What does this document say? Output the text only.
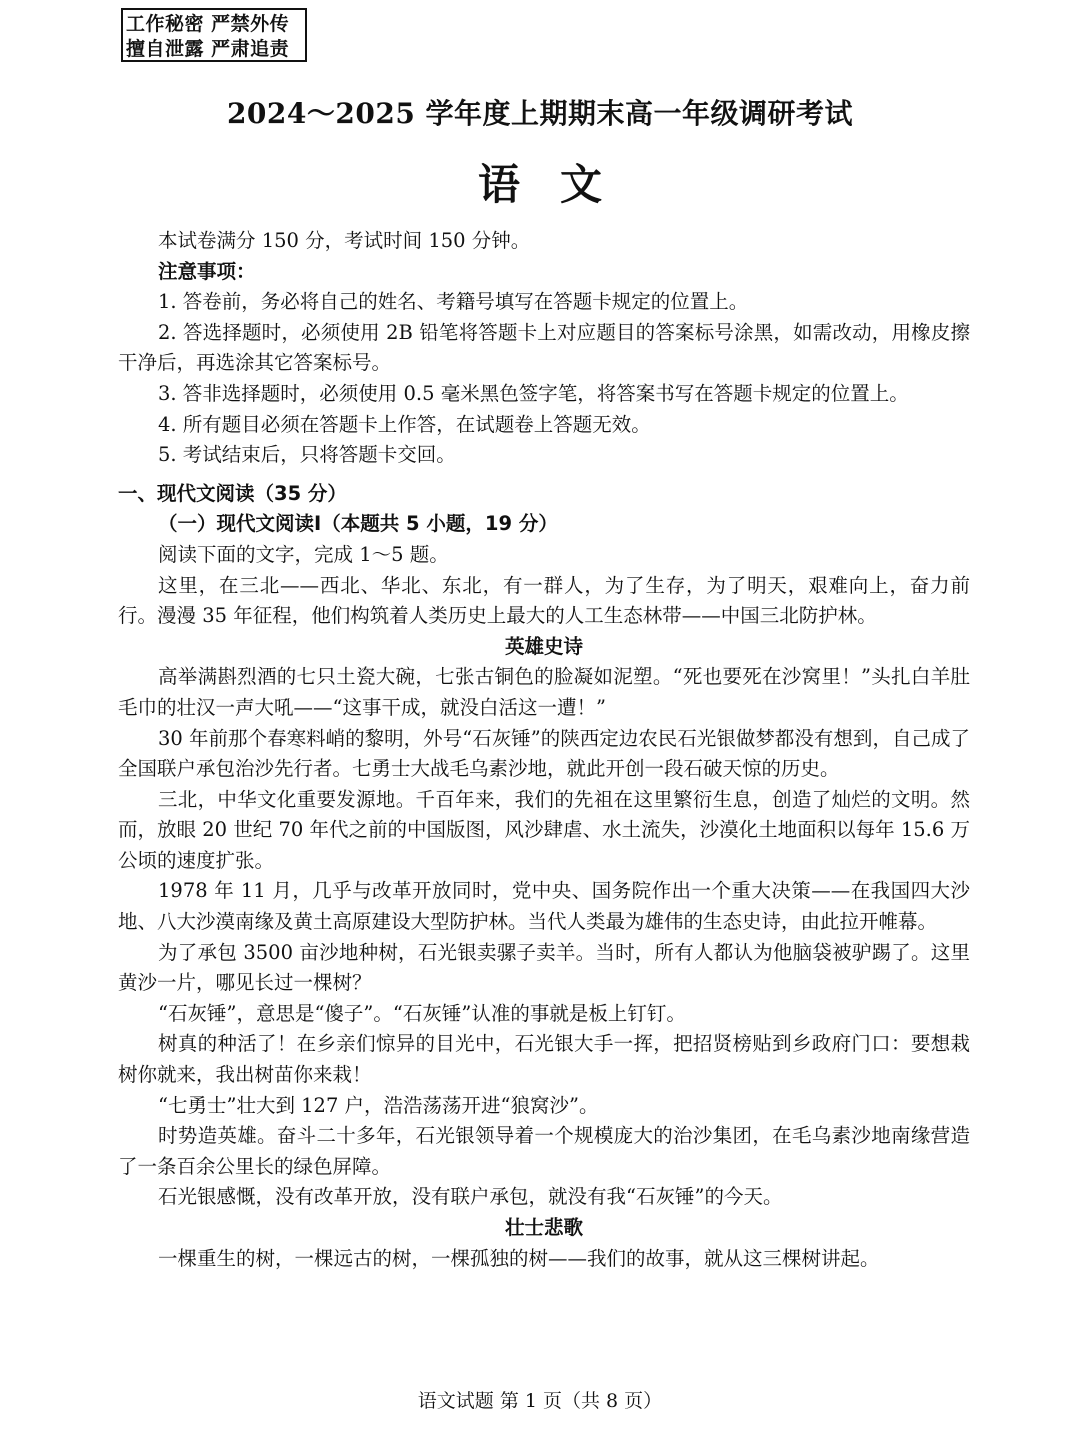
工作秘密 严禁外传
擅自泄露 严肃追责
2024～2025 学年度上期期末高一年级调研考试
语文

本试卷满分 150 分，考试时间 150 分钟。

注意事项：

1. 答卷前，务必将自己的姓名、考籍号填写在答题卡规定的位置上。

2. 答选择题时，必须使用 2B 铅笔将答题卡上对应题目的答案标号涂黑，如需改动，用橡皮擦干净后，再选涂其它答案标号。

3. 答非选择题时，必须使用 0.5 毫米黑色签字笔，将答案书写在答题卡规定的位置上。

4. 所有题目必须在答题卡上作答，在试题卷上答题无效。

5. 考试结束后，只将答题卡交回。

一、现代文阅读（35 分）

（一）现代文阅读Ⅰ（本题共 5 小题，19 分）

阅读下面的文字，完成 1～5 题。

这里，在三北——西北、华北、东北，有一群人，为了生存，为了明天，艰难向上，奋力前行。漫漫 35 年征程，他们构筑着人类历史上最大的人工生态林带——中国三北防护林。

英雄史诗

高举满斟烈酒的七只土瓷大碗，七张古铜色的脸凝如泥塑。“死也要死在沙窝里！”头扎白羊肚毛巾的壮汉一声大吼——“这事干成，就没白活这一遭！”

30 年前那个春寒料峭的黎明，外号“石灰锤”的陕西定边农民石光银做梦都没有想到，自己成了全国联户承包治沙先行者。七勇士大战毛乌素沙地，就此开创一段石破天惊的历史。

三北，中华文化重要发源地。千百年来，我们的先祖在这里繁衍生息，创造了灿烂的文明。然而，放眼 20 世纪 70 年代之前的中国版图，风沙肆虐、水土流失，沙漠化土地面积以每年 15.6 万公顷的速度扩张。

1978 年 11 月，几乎与改革开放同时，党中央、国务院作出一个重大决策——在我国四大沙地、八大沙漠南缘及黄土高原建设大型防护林。当代人类最为雄伟的生态史诗，由此拉开帷幕。

为了承包 3500 亩沙地种树，石光银卖骡子卖羊。当时，所有人都认为他脑袋被驴踢了。这里黄沙一片，哪见长过一棵树？

“石灰锤”，意思是“傻子”。“石灰锤”认准的事就是板上钉钉。

树真的种活了！在乡亲们惊异的目光中，石光银大手一挥，把招贤榜贴到乡政府门口：要想栽树你就来，我出树苗你来栽！

“七勇士”壮大到 127 户，浩浩荡荡开进“狼窝沙”。

时势造英雄。奋斗二十多年，石光银领导着一个规模庞大的治沙集团，在毛乌素沙地南缘营造了一条百余公里长的绿色屏障。

石光银感慨，没有改革开放，没有联户承包，就没有我“石灰锤”的今天。

壮士悲歌

一棵重生的树，一棵远古的树，一棵孤独的树——我们的故事，就从这三棵树讲起。

语文试题 第 1 页（共 8 页）
